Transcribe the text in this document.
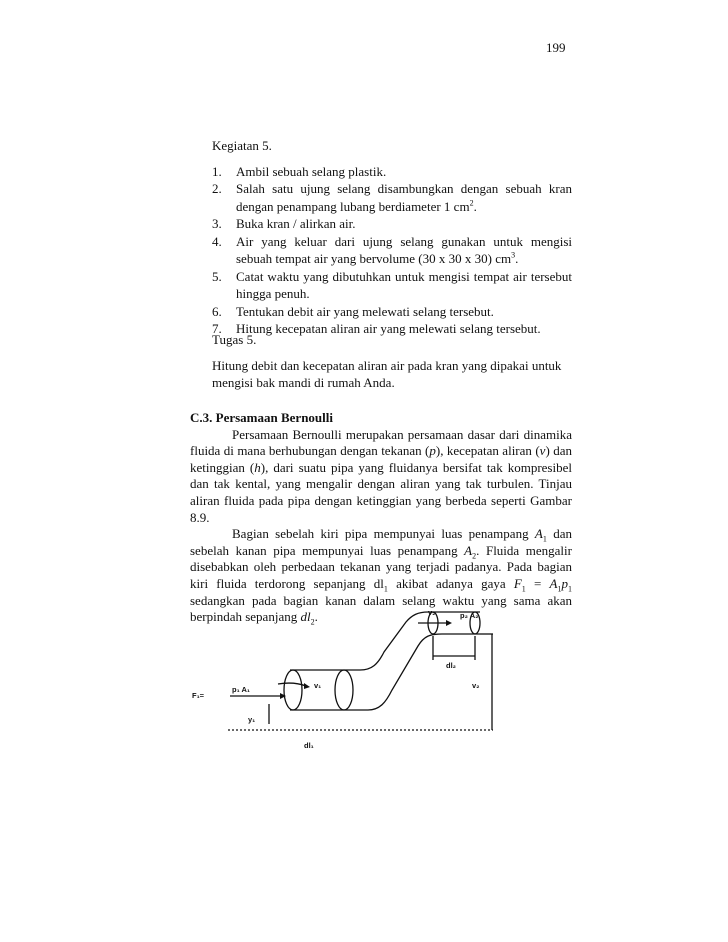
199

Kegiatan 5.

1. Ambil sebuah selang plastik.
2. Salah satu ujung selang disambungkan dengan sebuah kran dengan penampang lubang berdiameter 1 $cm^2$.
3. Buka kran / alirkan air.
4. Air yang keluar dari ujung selang gunakan untuk mengisi sebuah tempat air yang bervolume (30 x 30 x 30) $cm^3$.
5. Catat waktu yang dibutuhkan untuk mengisi tempat air tersebut hingga penuh.
6. Tentukan debit air yang melewati selang tersebut.
7. Hitung kecepatan aliran air yang melewati selang tersebut.

Tugas 5.

Hitung debit dan kecepatan aliran air pada kran yang dipakai untuk mengisi bak mandi di rumah Anda.

C.3. Persamaan Bernoulli

Persamaan Bernoulli merupakan persamaan dasar dari dinamika fluida di mana berhubungan dengan tekanan (p), kecepatan aliran (v) dan ketinggian (h), dari suatu pipa yang fluidanya bersifat tak kompresibel dan tak kental, yang mengalir dengan aliran yang tak turbulen. Tinjau aliran fluida pada pipa dengan ketinggian yang berbeda seperti Gambar 8.9.

Bagian sebelah kiri pipa mempunyai luas penampang $A_1$ dan sebelah kanan pipa mempunyai luas penampang $A_2$. Fluida mengalir disebabkan oleh perbedaan tekanan yang terjadi padanya. Pada bagian kiri fluida terdorong sepanjang $dl_1$ akibat adanya gaya $F_1 = A_1p_1$ sedangkan pada bagian kanan dalam selang waktu yang sama akan berpindah sepanjang $dl_2$.	v₂	p₂ A₂
dl₂
v₂
v₁
F₁=
p₁ A₁
y₁
dl₁
